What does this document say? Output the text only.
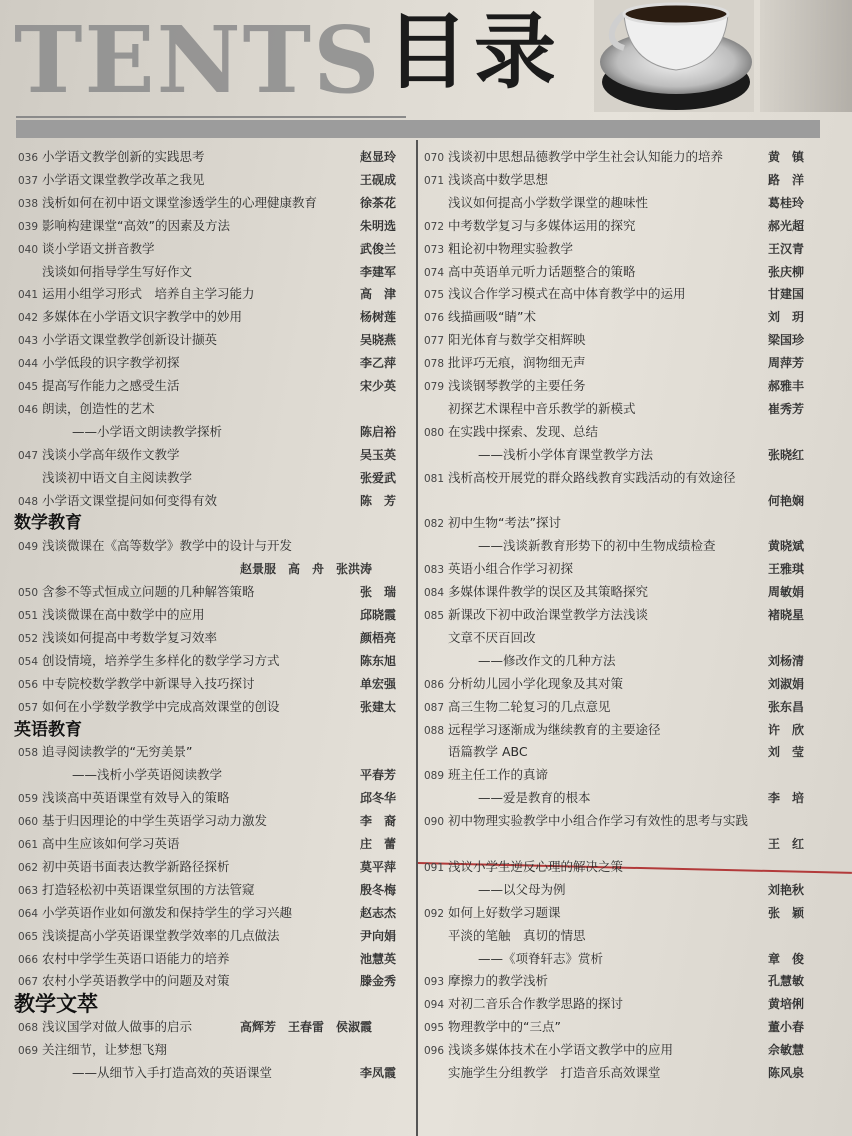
TENTS 目录
036 小学语文教学创新的实践思考	赵显玲
037 小学语文课堂教学改革之我见	王砚成
038 浅析如何在初中语文课堂渗透学生的心理健康教育	徐茶花
039 影响构建课堂“高效”的因素及方法	朱明选
040 谈小学语文拼音教学	武俊兰
浅谈如何指导学生写好作文	李建军
041 运用小组学习形式　培养自主学习能力	高　津
042 多媒体在小学语文识字教学中的妙用	杨树莲
043 小学语文课堂教学创新设计撷英	吴晓燕
044 小学低段的识字教学初探	李乙萍
045 提高写作能力之感受生活	宋少英
046 朗读，创造性的艺术
——小学语文朗读教学探析	陈启裕
047 浅谈小学高年级作文教学	吴玉英
浅谈初中语文自主阅读教学	张爱武
048 小学语文课堂提问如何变得有效	陈　芳
数学教育
049 浅谈微课在《高等数学》教学中的设计与开发
赵景服　高　舟　张洪涛
050 含参不等式恒成立问题的几种解答策略	张　瑞
051 浅谈微课在高中数学中的应用	邱晓霞
052 浅谈如何提高中考数学复习效率	颜梧亮
054 创设情境，培养学生多样化的数学学习方式	陈东旭
056 中专院校数学教学中新课导入技巧探讨	单宏强
057 如何在小学数学教学中完成高效课堂的创设	张建太
英语教育
058 追寻阅读教学的“无穷美景”
——浅析小学英语阅读教学	平春芳
059 浅谈高中英语课堂有效导入的策略	邱冬华
060 基于归因理论的中学生英语学习动力激发	李　裔
061 高中生应该如何学习英语	庄　蕾
062 初中英语书面表达教学新路径探析	莫平萍
063 打造轻松初中英语课堂氛围的方法管窥	殷冬梅
064 小学英语作业如何激发和保持学生的学习兴趣	赵志杰
065 浅谈提高小学英语课堂教学效率的几点做法	尹向娟
066 农村中学学生英语口语能力的培养	池慧英
067 农村小学英语教学中的问题及对策	滕金秀
教学文萃
068 浅议国学对做人做事的启示	高辉芳　王春雷　侯淑霞
069 关注细节，让梦想飞翔
——从细节入手打造高效的英语课堂	李凤霞
070 浅谈初中思想品德教学中学生社会认知能力的培养	黄　镇
071 浅谈高中数学思想	路　洋
浅议如何提高小学数学课堂的趣味性	葛桂玲
072 中考数学复习与多媒体运用的探究	郝光超
073 粗论初中物理实验教学	王汉青
074 高中英语单元听力话题整合的策略	张庆柳
075 浅议合作学习模式在高中体育教学中的运用	甘建国
076 线描画吸“睛”术	刘　玥
077 阳光体育与数学交相辉映	梁国珍
078 批评巧无痕，润物细无声	周萍芳
079 浅谈钢琴教学的主要任务	郝雅丰
初探艺术课程中音乐教学的新模式	崔秀芳
080 在实践中探索、发现、总结
——浅析小学体育课堂教学方法	张晓红
081 浅析高校开展党的群众路线教育实践活动的有效途径
何艳娴
082 初中生物“考法”探讨
——浅谈新教育形势下的初中生物成绩检查	黄晓斌
083 英语小组合作学习初探	王雅琪
084 多媒体课件教学的误区及其策略探究	周敏娟
085 新课改下初中政治课堂教学方法浅谈	褚晓星
文章不厌百回改
——修改作文的几种方法	刘杨清
086 分析幼儿园小学化现象及其对策	刘淑娟
087 高三生物二轮复习的几点意见	张东昌
088 远程学习逐渐成为继续教育的主要途径	许　欣
语篇教学 ABC	刘　莹
089 班主任工作的真谛
——爱是教育的根本	李　培
090 初中物理实验教学中小组合作学习有效性的思考与实践
王　红
091 浅议小学生逆反心理的解决之策
——以父母为例	刘艳秋
092 如何上好数学习题课	张　颖
平淡的笔触　真切的情思
——《项脊轩志》赏析	章　俊
093 摩擦力的教学浅析	孔慧敏
094 对初二音乐合作教学思路的探讨	黄培俐
095 物理教学中的“三点”	董小春
096 浅谈多媒体技术在小学语文教学中的应用	佘敏慧
实施学生分组教学　打造音乐高效课堂	陈风泉
